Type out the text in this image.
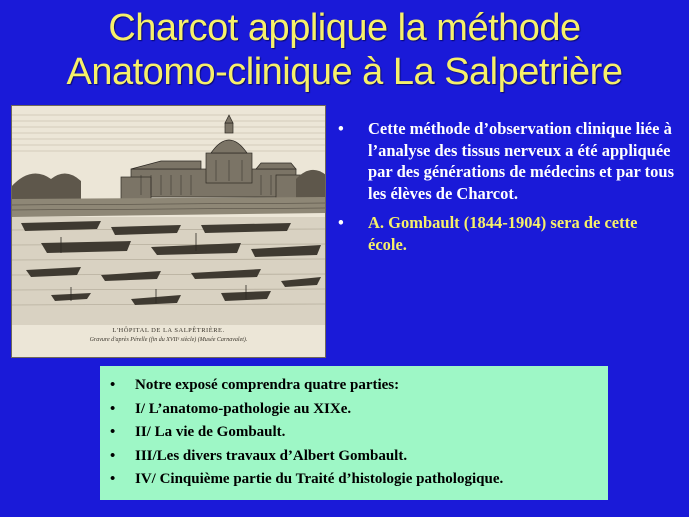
Charcot applique la méthode
Anatomo-clinique à La Salpetrière
L'HÔPITAL DE LA SALPÊTRIÈRE.
Gravure d'après Pérelle (fin du XVIIᵉ siècle) (Musée Carnavalet).
• Cette méthode d’observation clinique liée à l’analyse des tissus nerveux a été appliquée par des générations de médecins et par tous les élèves de Charcot.
• A. Gombault (1844-1904) sera de cette école.
• Notre exposé comprendra quatre parties:
• I/ L’anatomo-pathologie au XIXe.
• II/ La vie de Gombault.
• III/Les divers travaux d’Albert Gombault.
• IV/ Cinquième partie du Traité d’histologie pathologique.
